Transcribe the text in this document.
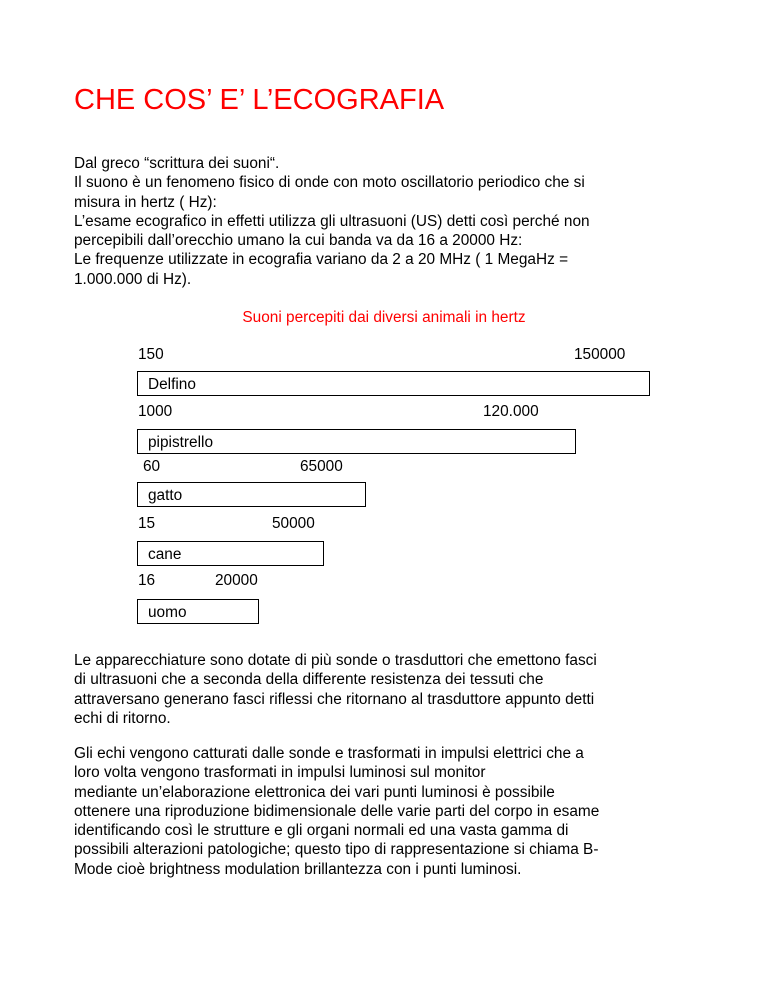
CHE COS’ E’ L’ECOGRAFIA
Dal greco “scrittura dei suoni“.
Il suono è un fenomeno fisico di onde con moto oscillatorio periodico che si
misura in hertz ( Hz):
L’esame ecografico in effetti utilizza gli ultrasuoni (US) detti così perché non
percepibili dall’orecchio umano la cui banda va da 16 a 20000 Hz:
Le frequenze utilizzate in ecografia variano da 2 a 20 MHz ( 1 MegaHz =
1.000.000 di Hz).
Suoni percepiti dai diversi animali in hertz
150	150000
Delfino
1000	120.000
pipistrello
60	65000
gatto
15	50000
cane
16	20000
uomo
Le apparecchiature sono dotate di più sonde o trasduttori che emettono fasci
di ultrasuoni che a seconda della differente resistenza dei tessuti che
attraversano generano fasci riflessi che ritornano al trasduttore appunto detti
echi di ritorno.
Gli echi vengono catturati dalle sonde e trasformati in impulsi elettrici che a
loro volta vengono trasformati in impulsi luminosi sul monitor
mediante un’elaborazione elettronica dei vari punti luminosi è possibile
ottenere una riproduzione bidimensionale delle varie parti del corpo in esame
identificando così le strutture e gli organi normali ed una vasta gamma di
possibili alterazioni patologiche; questo tipo di rappresentazione si chiama B-
Mode cioè brightness modulation brillantezza con i punti luminosi.
